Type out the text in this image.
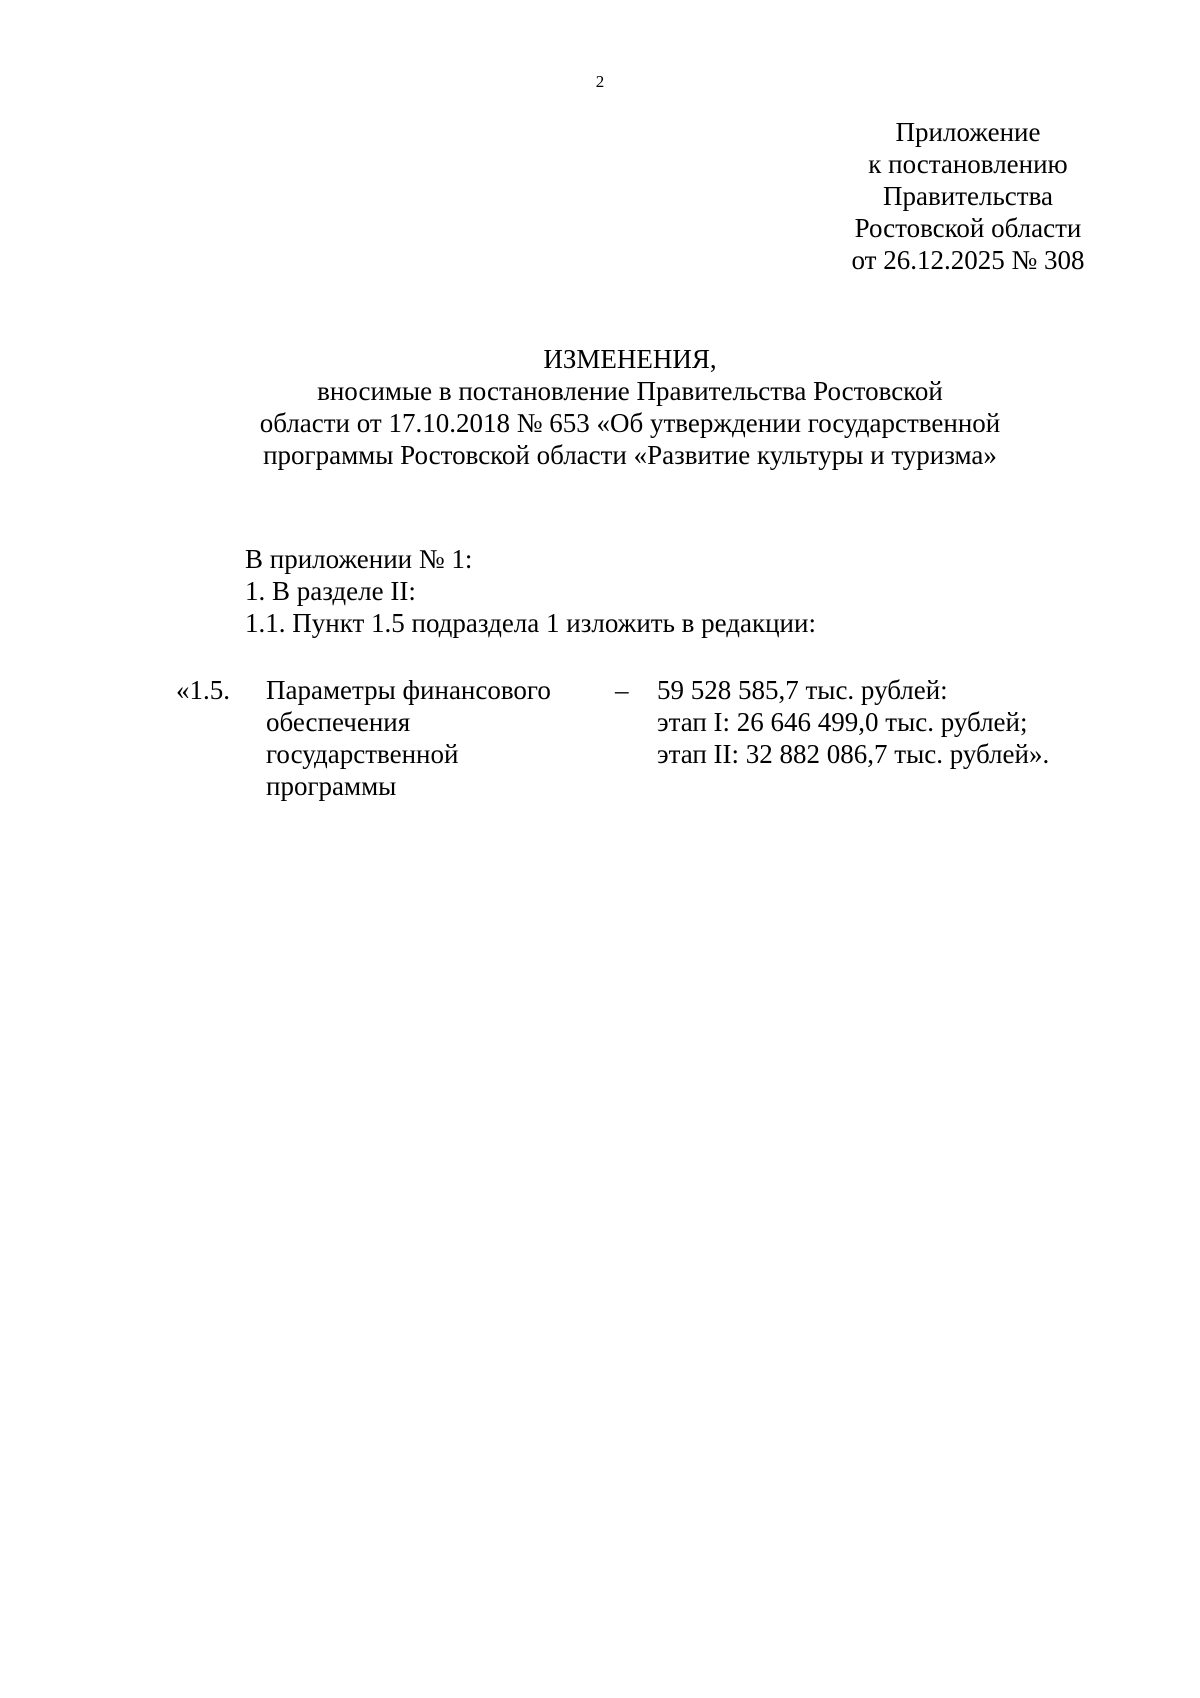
2
Приложение
к постановлению
Правительства
Ростовской области
от 26.12.2025 № 308
ИЗМЕНЕНИЯ,
вносимые в постановление Правительства Ростовской
области от 17.10.2018 № 653 «Об утверждении государственной
программы Ростовской области «Развитие культуры и туризма»
В приложении № 1:
1. В разделе II:
1.1. Пункт 1.5 подраздела 1 изложить в редакции:
«1.5. Параметры финансового
обеспечения
государственной
программы
– 59 528 585,7 тыс. рублей:
этап I: 26 646 499,0 тыс. рублей;
этап II: 32 882 086,7 тыс. рублей».
